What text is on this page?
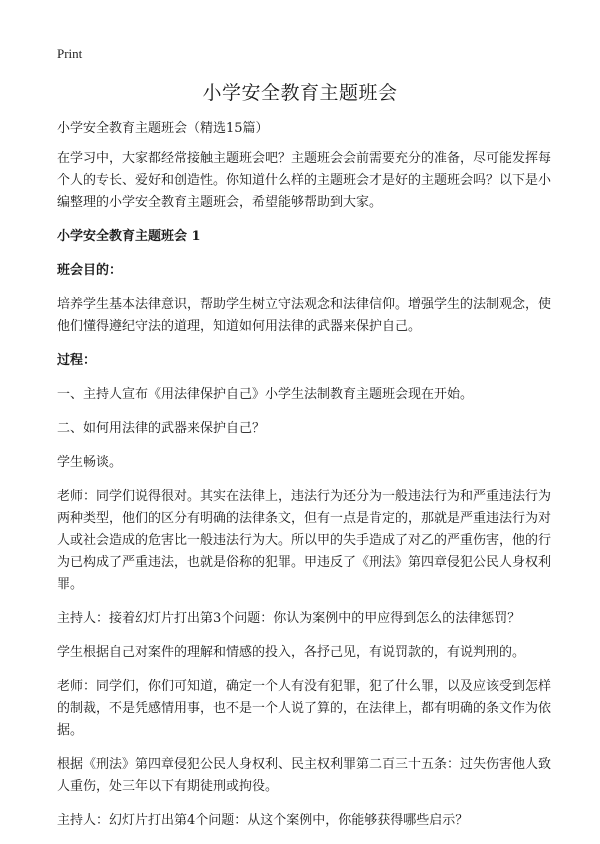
Print
小学安全教育主题班会

小学安全教育主题班会（精选15篇）

在学习中，大家都经常接触主题班会吧？主题班会会前需要充分的准备，尽可能发挥每个人的专长、爱好和创造性。你知道什么样的主题班会才是好的主题班会吗？以下是小编整理的小学安全教育主题班会，希望能够帮助到大家。

小学安全教育主题班会 1

班会目的：

培养学生基本法律意识，帮助学生树立守法观念和法律信仰。增强学生的法制观念，使他们懂得遵纪守法的道理，知道如何用法律的武器来保护自己。

过程：

一、主持人宣布《用法律保护自己》小学生法制教育主题班会现在开始。

二、如何用法律的武器来保护自己？

学生畅谈。

老师：同学们说得很对。其实在法律上，违法行为还分为一般违法行为和严重违法行为两种类型，他们的区分有明确的法律条文，但有一点是肯定的，那就是严重违法行为对人或社会造成的危害比一般违法行为大。所以甲的失手造成了对乙的严重伤害，他的行为已构成了严重违法，也就是俗称的犯罪。甲违反了《刑法》第四章侵犯公民人身权利罪。

主持人：接着幻灯片打出第3个问题：你认为案例中的甲应得到怎么的法律惩罚？

学生根据自己对案件的理解和情感的投入，各抒己见，有说罚款的，有说判刑的。

老师：同学们，你们可知道，确定一个人有没有犯罪，犯了什么罪，以及应该受到怎样的制裁，不是凭感情用事，也不是一个人说了算的，在法律上，都有明确的条文作为依据。

根据《刑法》第四章侵犯公民人身权利、民主权利罪第二百三十五条：过失伤害他人致人重伤，处三年以下有期徒刑或拘役。

主持人：幻灯片打出第4个问题：从这个案例中，你能够获得哪些启示？
